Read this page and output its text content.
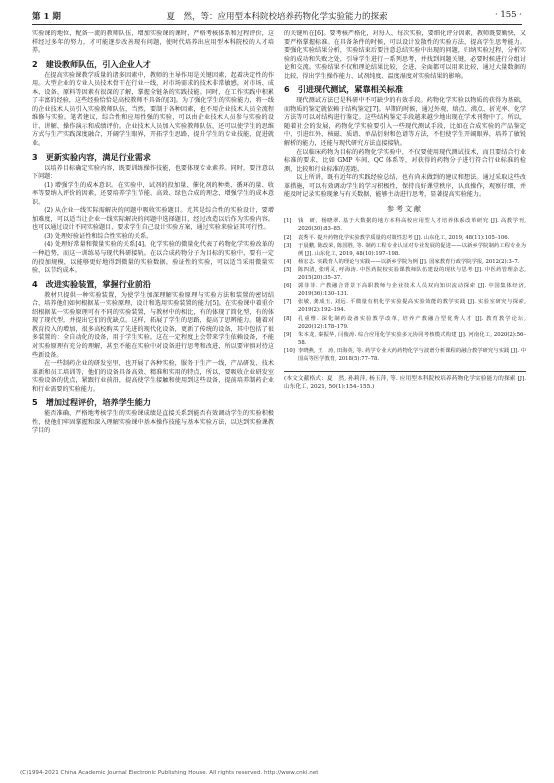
第 1 期	夏　然，等：应用型本科院校培养药物化学实验能力的探索	· 155 ·

实验课的地位，配备一流的教师队伍，增加实验课的课时，严格考核体系和过程评价，这样经过多年的努力，才可能逐步改善现有问题，使时代培养出应用型本科院校的人才培养。

2　建设教师队伍，引入企业人才

在提高实验课教学质量的诸多因素中，教师的主导作用是关键因素，起着决定性的作用。大型企业的专业人员技术骨干在行业一线，对市场需求的技术非常敏感，对市场、成本、设备、原料等因素有很深的了解，掌握全链条的实践技能。同时，在工作实践中积累了丰富的经验，这些经验恰恰是高校教师不具备的[3]。为了强化学生的实验能力，将一线的企业技术人员引入实验教师队伍，当然，要制于各种因素，也不用企业技术人员全流程维修与实验。笔者建议，综合性和应用性强的实验，可以由企业技术人员参与实验的设计、讲解、操作演示和成绩评价。企业技术人员加入实验教师队伍，还可以使学生的思维方式与生产实践深度融合，开阔学生眼界，开拓学生思路，提升学生的专业技能，促进就业。

3　更新实验内容，满足行业需求

以培养目标确定实验内容，既要训练操作技能，也要体现专业素养。同时，要注意以下问题：

(1) 增强学生的成本意识。在实验中，试剂的投加量、催化剂的种类、循环的量、收率等要纳入评价的因素，还要培养学生节能、高效、绿色合成的理念，增强学生的成本意识。

(2) 从企业一线实际需解决的问题中吸收实验题目。尤其是综合性的实验设计，要增加难度，可以适当让企业一线实际解决的问题中选择题目，经过改造以后作为实验内容。也可以通过设计不同实验题目，要求学生自己设计实验方案，通过实验来验证其可行性。

(3) 处理好验证性和综合性实验的关系。

(4) 处理好常量和微量实验的关系[4]。化学实验的微量化代表了药物化学实验改革的一种趋势，而这一训练易与现代科研接轨。在以合成药物分子为目标的实验中，要有一定的投加规模，以能够更好地得到微量的实验数据，验证性的实验，可以适当采用微量实验，以节约成本。

4　改进实验装置，掌握行业前沿

教材只提供一种实验装置，为使学生加深理解实验原理与实验方法和装置的密切结合，培养他们如何根据某一实验原理，设计和选用实验装置的能力[5]。在实验课中着重介绍根据某一实验原理可有不同的实验装置，与教材中的相比，有的体现了简化型，有的体现了现代型，并提出它们的优缺点。这样，拓展了学生的思路，提高了思辨能力。随着对教育投入的增加，很多高校购买了先进的现代化设备，更新了传统的设备，其中包括了很多装置的：全自动化的设备，用于学生实验。这在一定程度上会带来学生依赖设备，不能对实验原理有充分的理解，甚至不能在实验中对设备进行思考和改进，所以要审慎对待这些新设备。

在一些制药企业的研发室里，也开展了各种实验，服务于生产一线，产品研发、技术革新和员工培训等，他们的设备具备高效、精准和实用的特点，所以，要吸收企业研发室实验设备的优点，紧跟行业前沿，提高使学生接触和使用到这些设备，提前培养制药企业和行业需要的实验能力。

5　增加过程评价，培养学生能力

能否准确、严格地考核学生的实验课成绩是直接关系到能否有效调动学生的实验积极性，使他们牢固掌握和深入理解实验课中基本操作技能与基本实验方法，以达到实验课教学目的

的关键所在[6]。要考核严格化，对每人、每次实验，要细化评分因素，教师既要勤快，又要严格掌握标准。在具备条件的时候，可以设计发散性的实验方法，提高学生思考能力。要强化实验结果分析，实验结束后要注意总结实验中出现的问题，归纳实验过程，分析实验的成功和失败之处，引导学生进行一系列思考，并找到问题关键，必要时候进行分组讨论和交流。实验结果不仅和理论结果比较，会进、全面都可以用来比较，通过大量数据的比较，得出学生操作能力、试剂纯度、温度湿度对实验结果的影响。

6　引进现代测试，紧靠相关标准

现代测试方法已是科研中不可缺少的有效手段。药物化学实验以物质的获得为基础，而物质的鉴定就依赖于结构鉴定[7]。早期的时候，通过外观、熔点、沸点、折光率、化学方法等可以对结构进行鉴定。这些结构鉴定手段越来越少地出现在学术刊物中了。所以，随着社会的发展，药物化学实验要引入一些现代测试手段，比如在合成实验的产品鉴定中，引进红外、核磁、质谱、单晶衍射和色谱等方法，不但使学生开阔眼界，培养了敏锐解析的能力，还能与现代研究方法直接接轨。

在以临床药物为目标的药物化学实验中，不仅要使用现代测试技术，而且要结合行业标准的要求，比如 GMP 车间、QC 体系等，对获得的药物分子进行符合行业标准的检测，比较和行业标准的差距。

以上所讲，既有近年的实践经验总结，也有尚未做到的建议和想法。通过采取这些改革措施，可以有效调动学生的学习积极性，保持良好课堂秩序，认真操作，观察仔细，并能及时记录实验现象与有关数据，能够主动进行思考，显著提高实验能力。

参考文献
[1] 钱　研，杨晓翠. 基于大数据的地方本科高校应用型人才培养体系改革研究 [J]. 高教学刊, 2020(30):83–85.
[2] 袁秀平. 提升药物化学实验教学质量的对策性思考 [J]. 山东化工, 2019, 48(11):105–106.
[3] 于晨鹏, 陈改荣, 陈国胜, 等. 制药工程专业认证对专业发展的促进——以新乡学院制药工程专业为例 [J]. 山东化工, 2019, 48(10):197–198.
[4] 杨宏志. 实践育人的理论与实践——以新乡学院为例 [J]. 国家教育行政学院学报, 2012(2):3–7.
[5] 陈四清, 张明灵, 呼海涛. 中医药院校实验课教师队伍建设的现状与思考 [J]. 中医药管理杂志, 2015(20):35–37.
[6] 郭菲菲. 产教融合背景下高职教师与企业技术人员双向知识流动探索 [J]. 中国集体经济, 2019(36):130–131.
[7] 张敏, 龚成玉, 刘远. 平微量有机化学实验提高实验效能的教学实践 [J]. 实验室研究与探索, 2019(2):192–194.
[8] 孔重惟. 深化制药设备实验教学改革, 培养产教融合型优秀人才 [J]. 教育教学论坛, 2020(12):178–179.
[9] 朱本龙, 秦振华, 闫俊涛. 综合应用化学实验多元协同考核模式构建 [J]. 河南化工, 2020(2):56–58.
[10] 李晓燕, 王　涛, 田海英, 等. 药学专业大药药物化学与波谱分析课程的融合教学研究与实践 [J]. 中国高等医学教育, 2018(5):77–78.
(本文文献格式：夏　然, 孙莉萍, 杨玉萍, 等. 应用型本科院校培养药物化学实验能力的探索 [J]. 山东化工, 2021, 50(1):154–155.)
(C)1994-2021 China Academic Journal Electronic Publishing House. All rights reserved. http://www.cnki.net
